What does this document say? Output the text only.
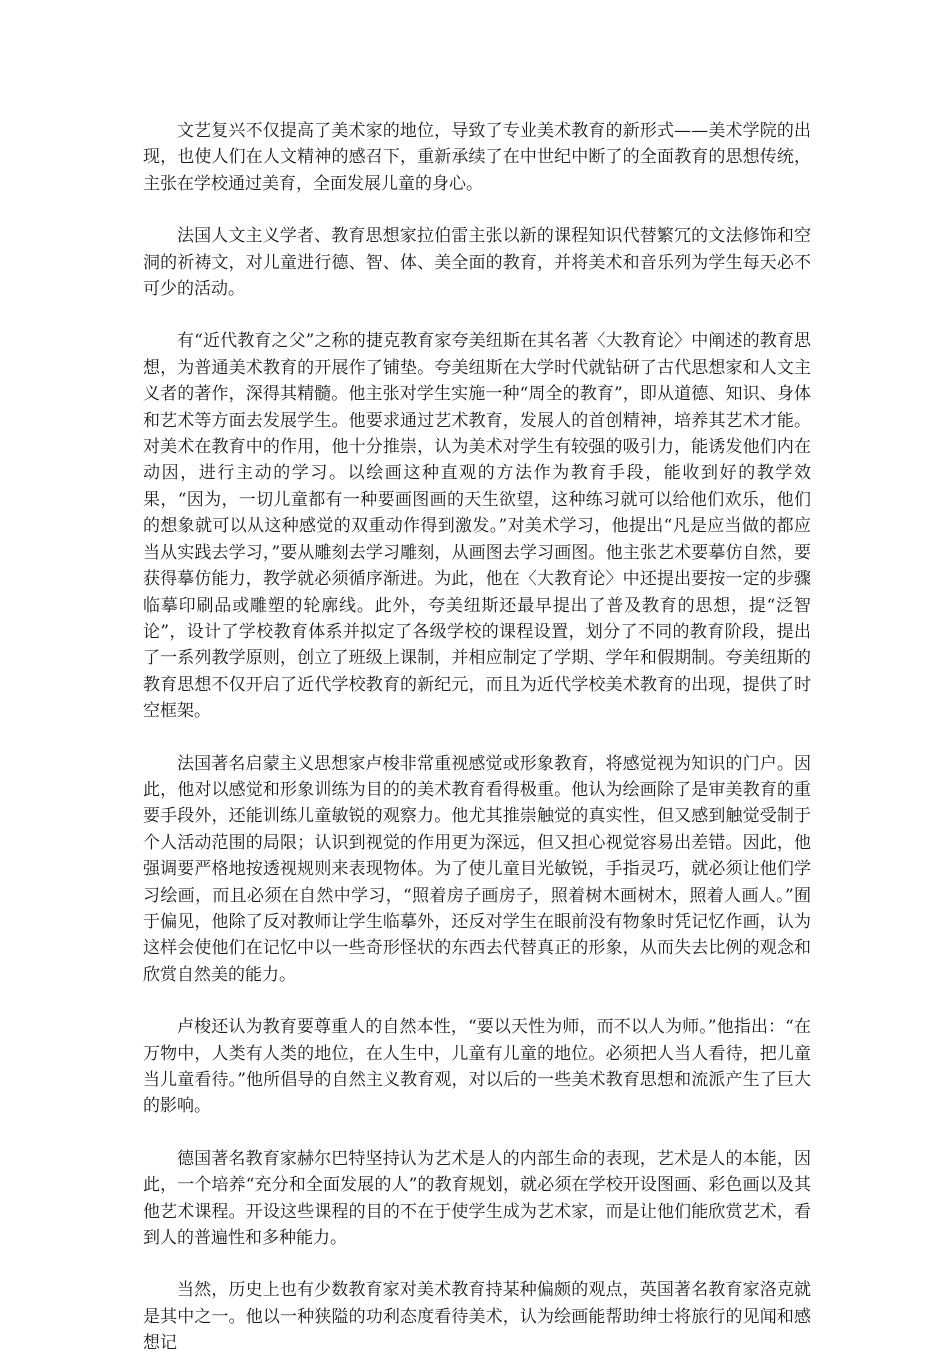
文艺复兴不仅提高了美术家的地位，导致了专业美术教育的新形式——美术学院的出现，也使人们在人文精神的感召下，重新承续了在中世纪中断了的全面教育的思想传统，主张在学校通过美育，全面发展儿童的身心。

法国人文主义学者、教育思想家拉伯雷主张以新的课程知识代替繁冗的文法修饰和空洞的祈祷文，对儿童进行德、智、体、美全面的教育，并将美术和音乐列为学生每天必不可少的活动。

有“近代教育之父”之称的捷克教育家夸美纽斯在其名著〈大教育论〉中阐述的教育思想，为普通美术教育的开展作了铺垫。夸美纽斯在大学时代就钻研了古代思想家和人文主义者的著作，深得其精髓。他主张对学生实施一种“周全的教育”，即从道德、知识、身体和艺术等方面去发展学生。他要求通过艺术教育，发展人的首创精神，培养其艺术才能。对美术在教育中的作用，他十分推崇，认为美术对学生有较强的吸引力，能诱发他们内在动因，进行主动的学习。以绘画这种直观的方法作为教育手段，能收到好的教学效果，“因为，一切儿童都有一种要画图画的天生欲望，这种练习就可以给他们欢乐，他们的想象就可以从这种感觉的双重动作得到激发。”对美术学习，他提出“凡是应当做的都应当从实践去学习，”要从雕刻去学习雕刻，从画图去学习画图。他主张艺术要摹仿自然，要获得摹仿能力，教学就必须循序渐进。为此，他在〈大教育论〉中还提出要按一定的步骤临摹印刷品或雕塑的轮廓线。此外，夸美纽斯还最早提出了普及教育的思想，提“泛智论”，设计了学校教育体系并拟定了各级学校的课程设置，划分了不同的教育阶段，提出了一系列教学原则，创立了班级上课制，并相应制定了学期、学年和假期制。夸美纽斯的教育思想不仅开启了近代学校教育的新纪元，而且为近代学校美术教育的出现，提供了时空框架。

法国著名启蒙主义思想家卢梭非常重视感觉或形象教育，将感觉视为知识的门户。因此，他对以感觉和形象训练为目的的美术教育看得极重。他认为绘画除了是审美教育的重要手段外，还能训练儿童敏锐的观察力。他尤其推崇触觉的真实性，但又感到触觉受制于个人活动范围的局限；认识到视觉的作用更为深远，但又担心视觉容易出差错。因此，他强调要严格地按透视规则来表现物体。为了使儿童目光敏锐，手指灵巧，就必须让他们学习绘画，而且必须在自然中学习，“照着房子画房子，照着树木画树木，照着人画人。”囿于偏见，他除了反对教师让学生临摹外，还反对学生在眼前没有物象时凭记忆作画，认为这样会使他们在记忆中以一些奇形怪状的东西去代替真正的形象，从而失去比例的观念和欣赏自然美的能力。

卢梭还认为教育要尊重人的自然本性，“要以天性为师，而不以人为师。”他指出：“在万物中，人类有人类的地位，在人生中，儿童有儿童的地位。必须把人当人看待，把儿童当儿童看待。”他所倡导的自然主义教育观，对以后的一些美术教育思想和流派产生了巨大的影响。

德国著名教育家赫尔巴特坚持认为艺术是人的内部生命的表现，艺术是人的本能，因此，一个培养“充分和全面发展的人”的教育规划，就必须在学校开设图画、彩色画以及其他艺术课程。开设这些课程的目的不在于使学生成为艺术家，而是让他们能欣赏艺术，看到人的普遍性和多种能力。

当然，历史上也有少数教育家对美术教育持某种偏颇的观点，英国著名教育家洛克就是其中之一。他以一种狭隘的功利态度看待美术，认为绘画能帮助绅士将旅行的见闻和感想记
